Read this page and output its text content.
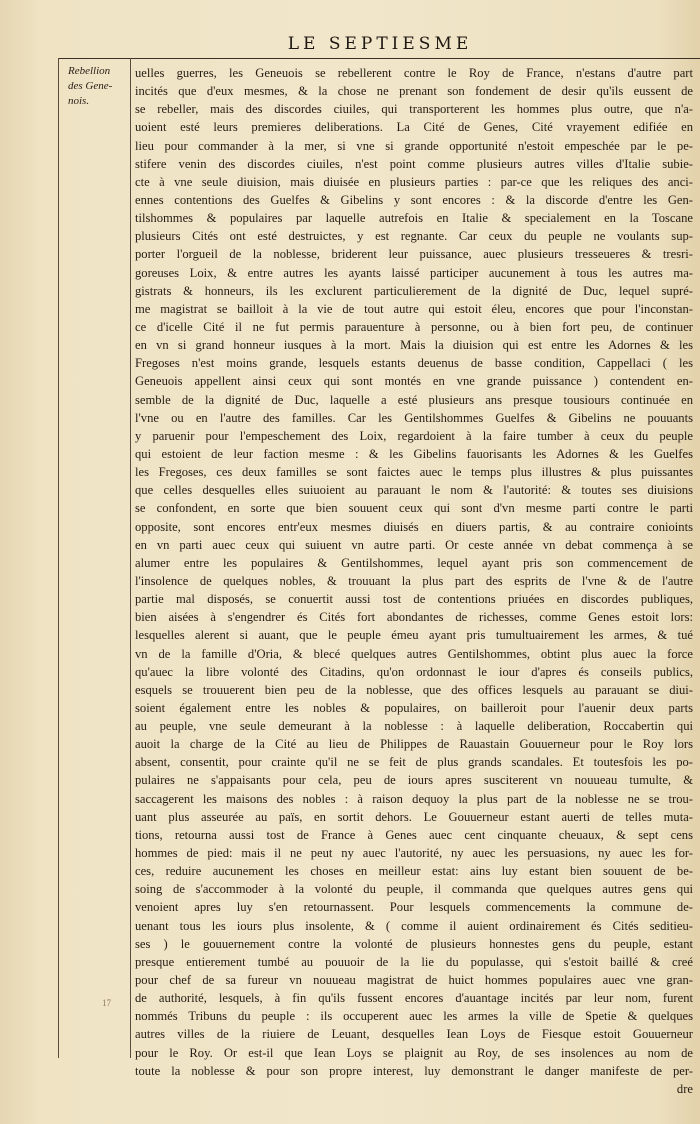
LE SEPTIESME
Rebellion
des Gene-
nois.
uelles guerres, les Geneuois se rebellerent contre le Roy de France, n'estans d'autre part
incités que d'eux mesmes, & la chose ne prenant son fondement de desir qu'ils eussent de
se rebeller, mais des discordes ciuiles, qui transporterent les hommes plus outre, que n'a-
uoient esté leurs premieres deliberations. La Cité de Genes, Cité vrayement edifiée en
lieu pour commander à la mer, si vne si grande opportunité n'estoit empeschée par le pe-
stifere venin des discordes ciuiles, n'est point comme plusieurs autres villes d'Italie subie-
cte à vne seule diuision, mais diuisée en plusieurs parties : par-ce que les reliques des anci-
ennes contentions des Guelfes & Gibelins y sont encores : & la discorde d'entre les Gen-
tilshommes & populaires par laquelle autrefois en Italie & specialement en la Toscane
plusieurs Cités ont esté destruictes, y est regnante. Car ceux du peuple ne voulants sup-
porter l'orgueil de la noblesse, briderent leur puissance, auec plusieurs tresseueres & tresri-
goreuses Loix, & entre autres les ayants laissé participer aucunement à tous les autres ma-
gistrats & honneurs, ils les exclurent particulierement de la dignité de Duc, lequel supré-
me magistrat se bailloit à la vie de tout autre qui estoit éleu, encores que pour l'inconstan-
ce d'icelle Cité il ne fut permis parauenture à personne, ou à bien fort peu, de continuer
en vn si grand honneur iusques à la mort. Mais la diuision qui est entre les Adornes & les
Fregoses n'est moins grande, lesquels estants deuenus de basse condition, Cappellaci ( les
Geneuois appellent ainsi ceux qui sont montés en vne grande puissance ) contendent en-
semble de la dignité de Duc, laquelle a esté plusieurs ans presque tousiours continuée en
l'vne ou en l'autre des familles. Car les Gentilshommes Guelfes & Gibelins ne pouuants
y paruenir pour l'empeschement des Loix, regardoient à la faire tumber à ceux du peuple
qui estoient de leur faction mesme : & les Gibelins fauorisants les Adornes & les Guelfes
les Fregoses, ces deux familles se sont faictes auec le temps plus illustres & plus puissantes
que celles desquelles elles suiuoient au parauant le nom & l'autorité: & toutes ses diuisions
se confondent, en sorte que bien souuent ceux qui sont d'vn mesme parti contre le parti
opposite, sont encores entr'eux mesmes diuisés en diuers partis, & au contraire conioints
en vn parti auec ceux qui suiuent vn autre parti. Or ceste année vn debat commença à se
alumer entre les populaires & Gentilshommes, lequel ayant pris son commencement de
l'insolence de quelques nobles, & trouuant la plus part des esprits de l'vne & de l'autre
partie mal disposés, se conuertit aussi tost de contentions priuées en discordes publiques,
bien aisées à s'engendrer és Cités fort abondantes de richesses, comme Genes estoit lors:
lesquelles alerent si auant, que le peuple émeu ayant pris tumultuairement les armes, & tué
vn de la famille d'Oria, & blecé quelques autres Gentilshommes, obtint plus auec la force
qu'auec la libre volonté des Citadins, qu'on ordonnast le iour d'apres és conseils publics,
esquels se trouuerent bien peu de la noblesse, que des offices lesquels au parauant se diui-
soient également entre les nobles & populaires, on bailleroit pour l'auenir deux parts
au peuple, vne seule demeurant à la noblesse : à laquelle deliberation, Roccabertin qui
auoit la charge de la Cité au lieu de Philippes de Rauastain Gouuerneur pour le Roy lors
absent, consentit, pour crainte qu'il ne se feit de plus grands scandales. Et toutesfois les po-
pulaires ne s'appaisants pour cela, peu de iours apres susciterent vn nouueau tumulte, &
saccagerent les maisons des nobles : à raison dequoy la plus part de la noblesse ne se trou-
uant plus asseurée au païs, en sortit dehors. Le Gouuerneur estant auerti de telles muta-
tions, retourna aussi tost de France à Genes auec cent cinquante cheuaux, & sept cens
hommes de pied: mais il ne peut ny auec l'autorité, ny auec les persuasions, ny auec les for-
ces, reduire aucunement les choses en meilleur estat: ains luy estant bien souuent de be-
soing de s'accommoder à la volonté du peuple, il commanda que quelques autres gens qui
venoient apres luy s'en retournassent. Pour lesquels commencements la commune de-
uenant tous les iours plus insolente, & ( comme il auient ordinairement és Cités seditieu-
ses ) le gouuernement contre la volonté de plusieurs honnestes gens du peuple, estant
presque entierement tumbé au pouuoir de la lie du populasse, qui s'estoit baillé & creé
pour chef de sa fureur vn nouueau magistrat de huict hommes populaires auec vne gran-
de authorité, lesquels, à fin qu'ils fussent encores d'auantage incités par leur nom, furent
nommés Tribuns du peuple : ils occuperent auec les armes la ville de Spetie & quelques
autres villes de la riuiere de Leuant, desquelles Iean Loys de Fiesque estoit Gouuerneur
pour le Roy. Or est-il que Iean Loys se plaignit au Roy, de ses insolences au nom de
toute la noblesse & pour son propre interest, luy demonstrant le danger manifeste de per-
dre
17
